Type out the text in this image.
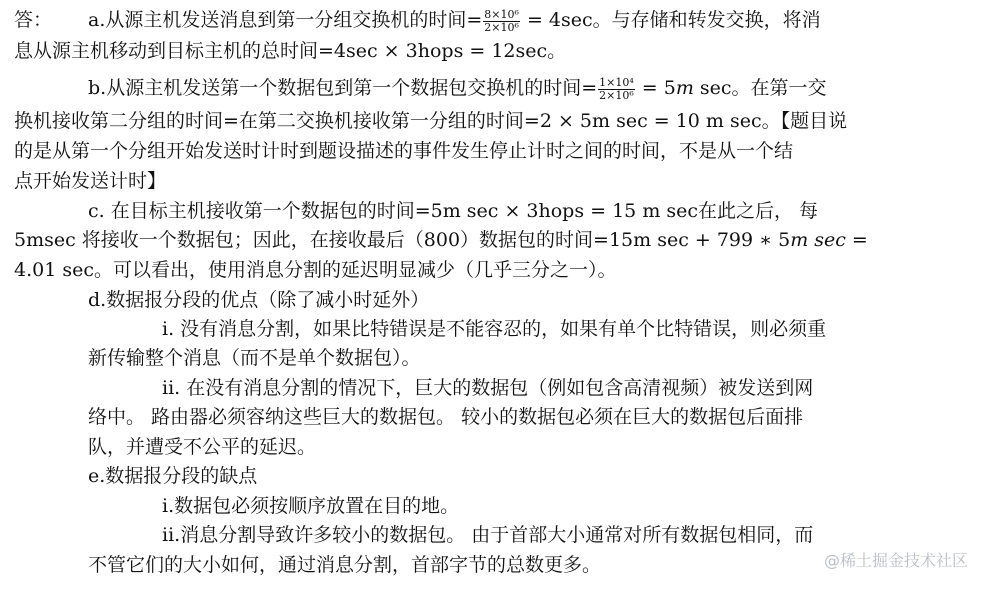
答： a.从源主机发送消息到第一分组交换机的时间= $\frac{\text{8×10⁶}}{\text{2×10⁶}} = 4\sec$。与存储和转发交换，将消
息从源主机移动到目标主机的总时间=4sec × 3hops = 12sec。
b.从源主机发送第一个数据包到第一个数据包交换机的时间= $\frac{\text{1×10⁴}}{\text{2×10⁶}} = 5m$ sec。在第一交
换机接收第二分组的时间=在第二交换机接收第一分组的时间=2 × 5m sec = 10 m sec。【题目说
的是从第一个分组开始发送时计时到题设描述的事件发生停止计时之间的时间，不是从一个结
点开始发送计时】
c. 在目标主机接收第一个数据包的时间=5m sec × 3hops = 15 m sec在此之后， 每
5msec 将接收一个数据包；因此，在接收最后（800）数据包的时间=15m sec + 799 ∗ 5m sec =
4.01 sec。可以看出，使用消息分割的延迟明显减少（几乎三分之一）。
d.数据报分段的优点（除了减小时延外）
i. 没有消息分割，如果比特错误是不能容忍的，如果有单个比特错误，则必须重
新传输整个消息（而不是单个数据包）。
ii. 在没有消息分割的情况下，巨大的数据包（例如包含高清视频）被发送到网
络中。 路由器必须容纳这些巨大的数据包。 较小的数据包必须在巨大的数据包后面排
队，并遭受不公平的延迟。
e.数据报分段的缺点
i.数据包必须按顺序放置在目的地。
ii.消息分割导致许多较小的数据包。 由于首部大小通常对所有数据包相同，而
不管它们的大小如何，通过消息分割，首部字节的总数更多。	@稀土掘金技术社区
